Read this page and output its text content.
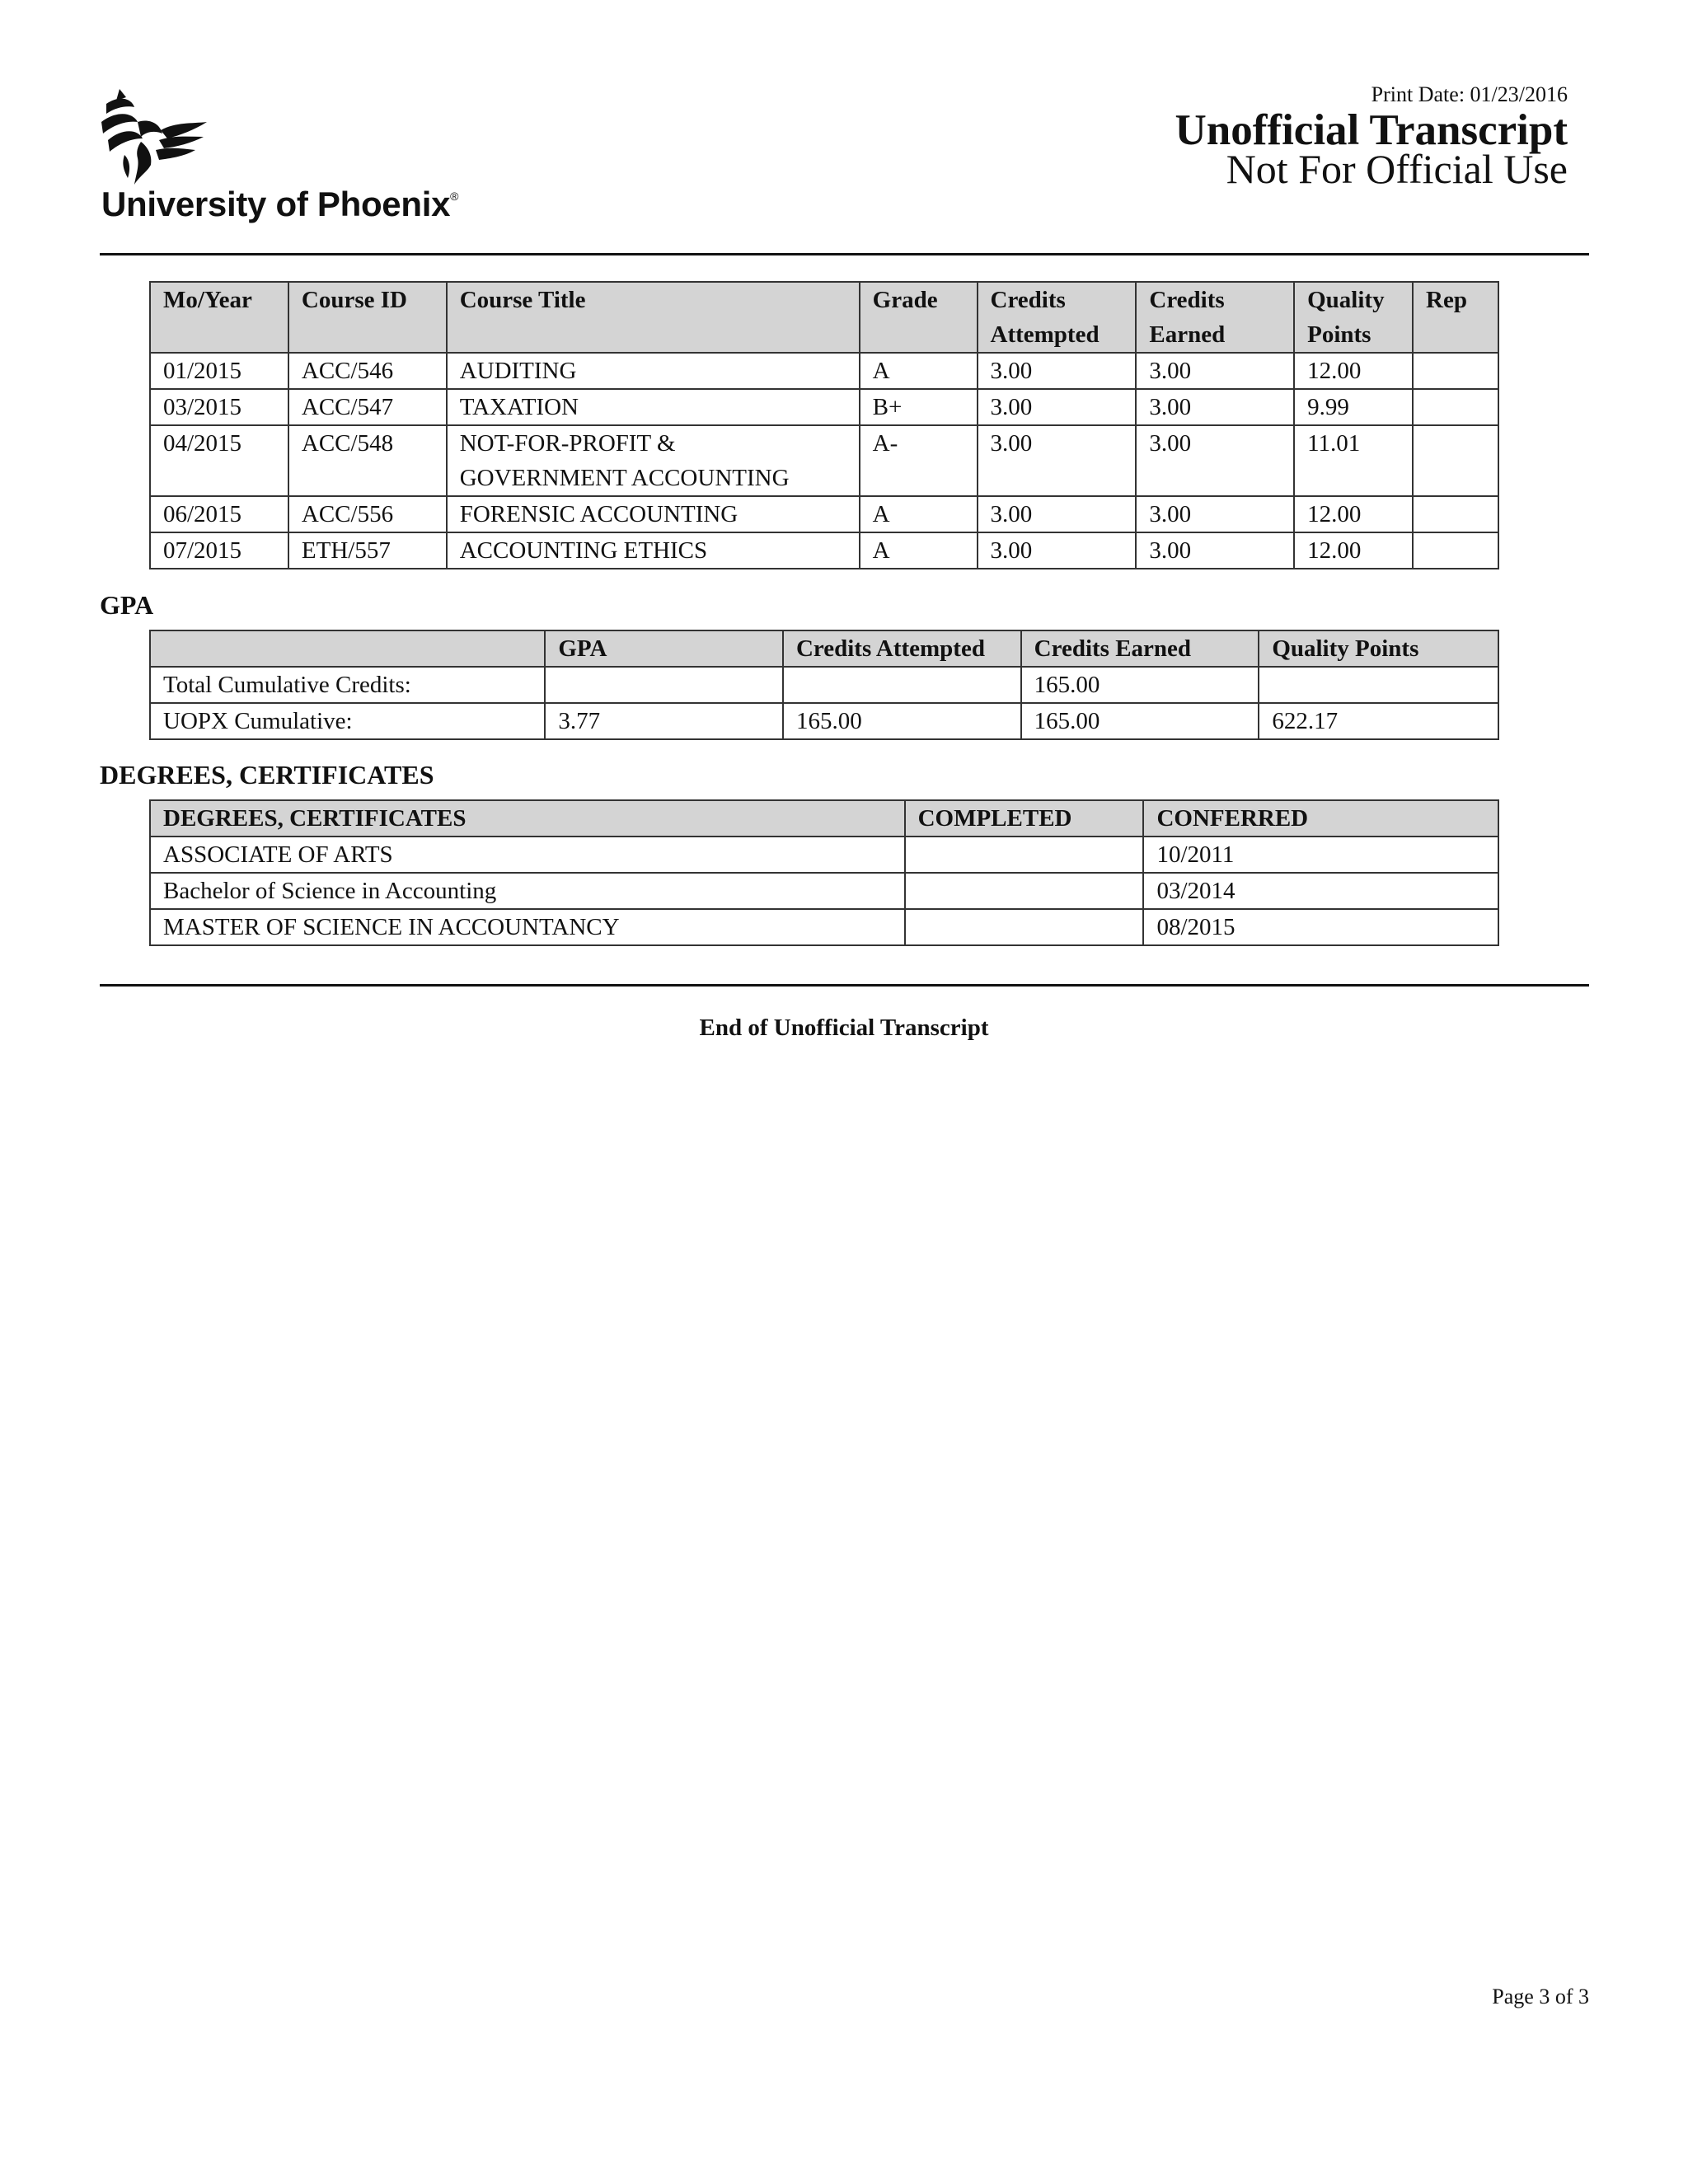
University of Phoenix®
Print Date: 01/23/2016
Unofficial Transcript
Not For Official Use
Mo/Year	Course ID	Course Title	Grade	Credits Attempted	Credits Earned	Quality Points	Rep
01/2015	ACC/546	AUDITING	A	3.00	3.00	12.00	
03/2015	ACC/547	TAXATION	B+	3.00	3.00	9.99	
04/2015	ACC/548	NOT-FOR-PROFIT & GOVERNMENT ACCOUNTING	A-	3.00	3.00	11.01	
06/2015	ACC/556	FORENSIC ACCOUNTING	A	3.00	3.00	12.00	
07/2015	ETH/557	ACCOUNTING ETHICS	A	3.00	3.00	12.00	
GPA
	GPA	Credits Attempted	Credits Earned	Quality Points
Total Cumulative Credits:			165.00	
UOPX Cumulative:	3.77	165.00	165.00	622.17
DEGREES, CERTIFICATES
DEGREES, CERTIFICATES	COMPLETED	CONFERRED
ASSOCIATE OF ARTS		10/2011
Bachelor of Science in Accounting		03/2014
MASTER OF SCIENCE IN ACCOUNTANCY		08/2015
End of Unofficial Transcript
Page 3 of 3
